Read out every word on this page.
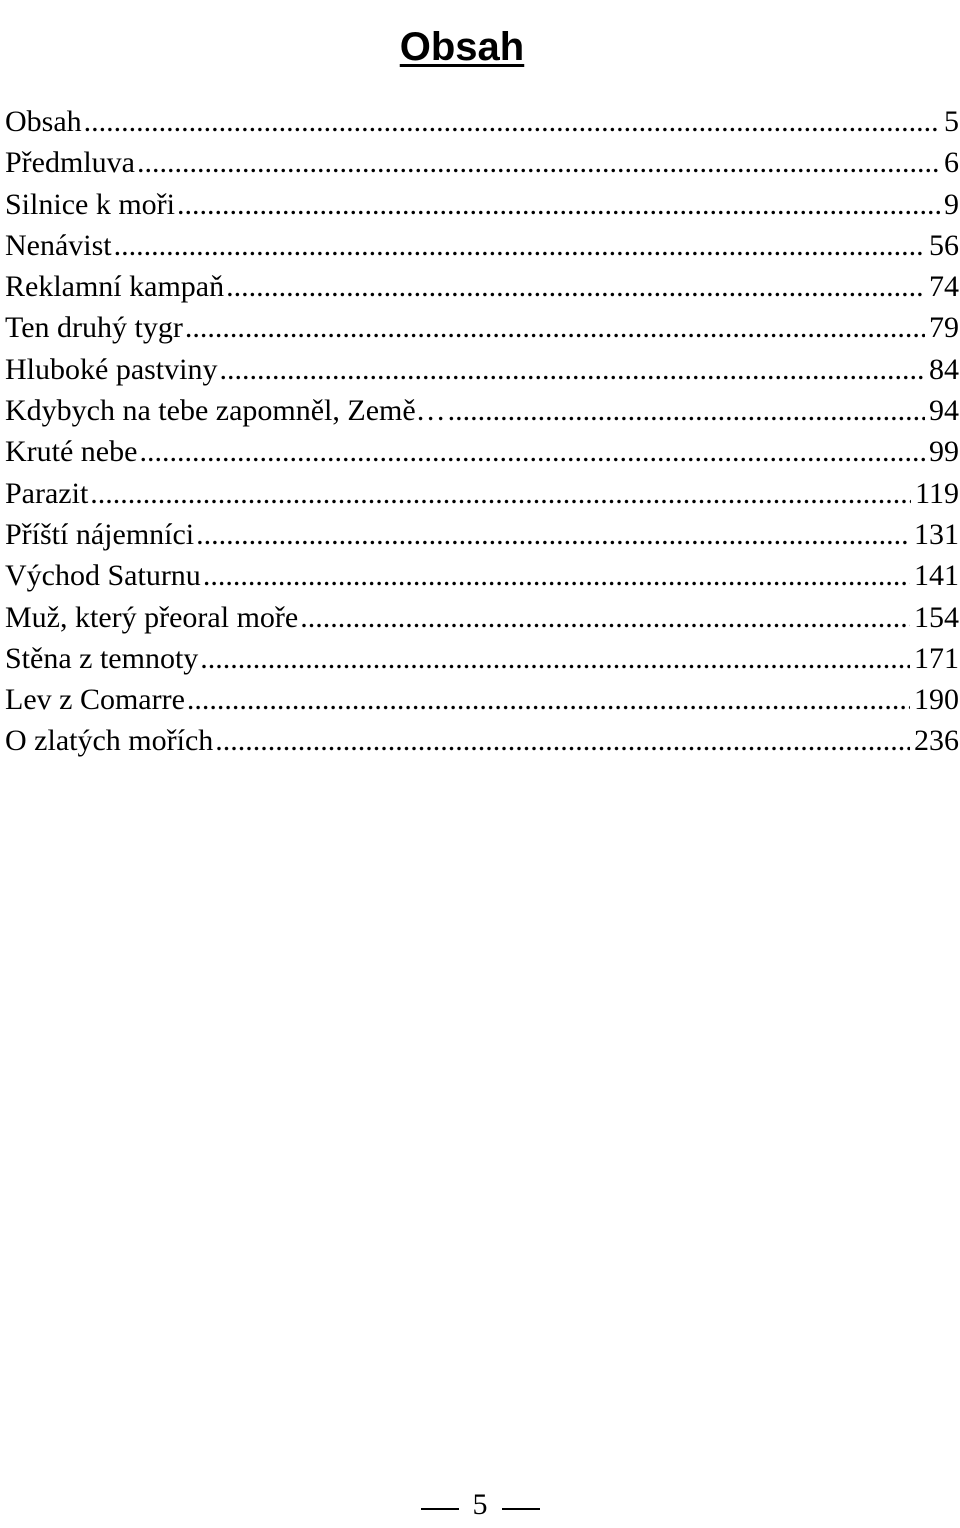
Obsah
Obsah .....	5
Předmluva .....	6
Silnice k moři .....	9
Nenávist .....	56
Reklamní kampaň .....	74
Ten druhý tygr .....	79
Hluboké pastviny .....	84
Kdybych na tebe zapomněl, Země… .....	94
Kruté nebe .....	99
Parazit .....	119
Příští nájemníci .....	131
Východ Saturnu .....	141
Muž, který přeoral moře .....	154
Stěna z temnoty .....	171
Lev z Comarre .....	190
O zlatých mořích .....	236
5
